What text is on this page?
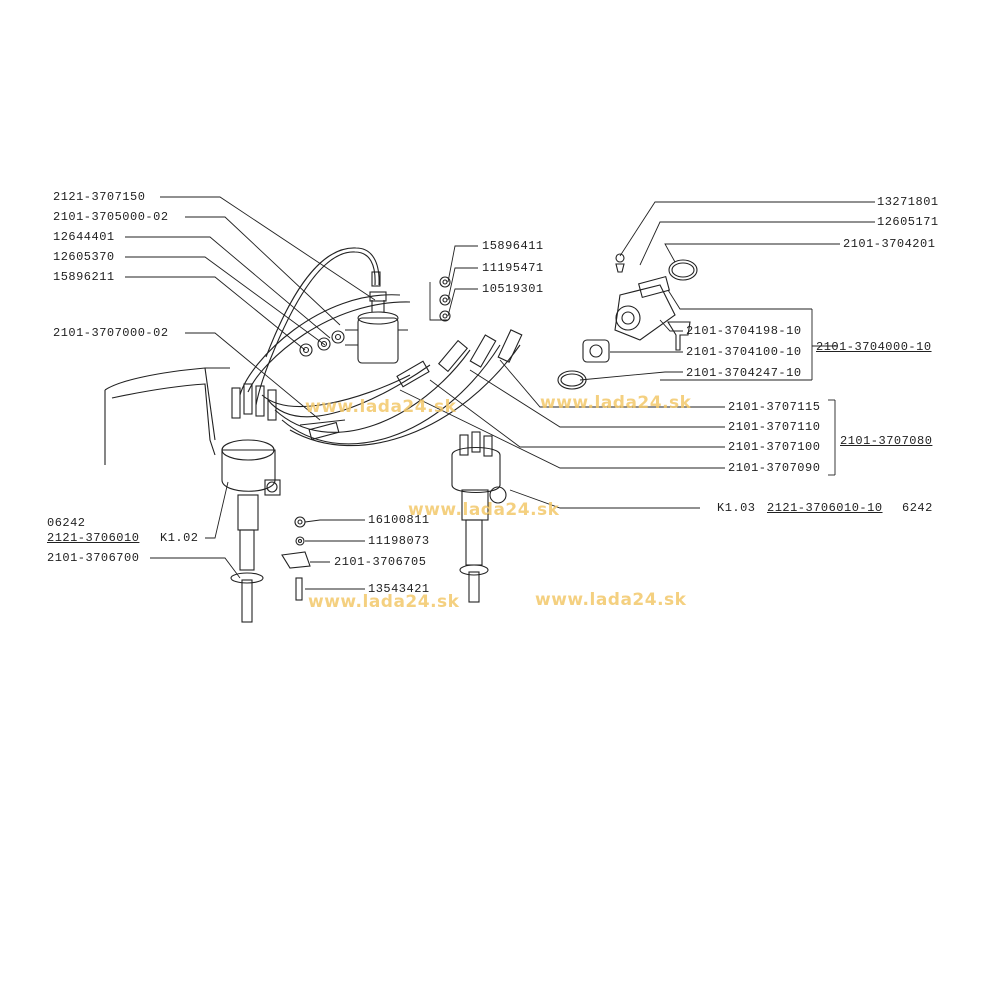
2121-3707150
2101-3705000-02
12644401
12605370
15896211
2101-3707000-02
15896411
11195471
10519301
13271801
12605171
2101-3704201
2101-3704198-10
2101-3704100-10 2101-3704000-10
2101-3704247-10
2101-3707115
2101-3707110
2101-3707100 2101-3707080
2101-3707090
K1.03 2121-3706010-10 6242
06242
2121-3706010 K1.02
2101-3706700
16100811
11198073
2101-3706705
13543421
www.lada24.sk	www.lada24.sk
www.lada24.sk
www.lada24.sk	www.lada24.sk
